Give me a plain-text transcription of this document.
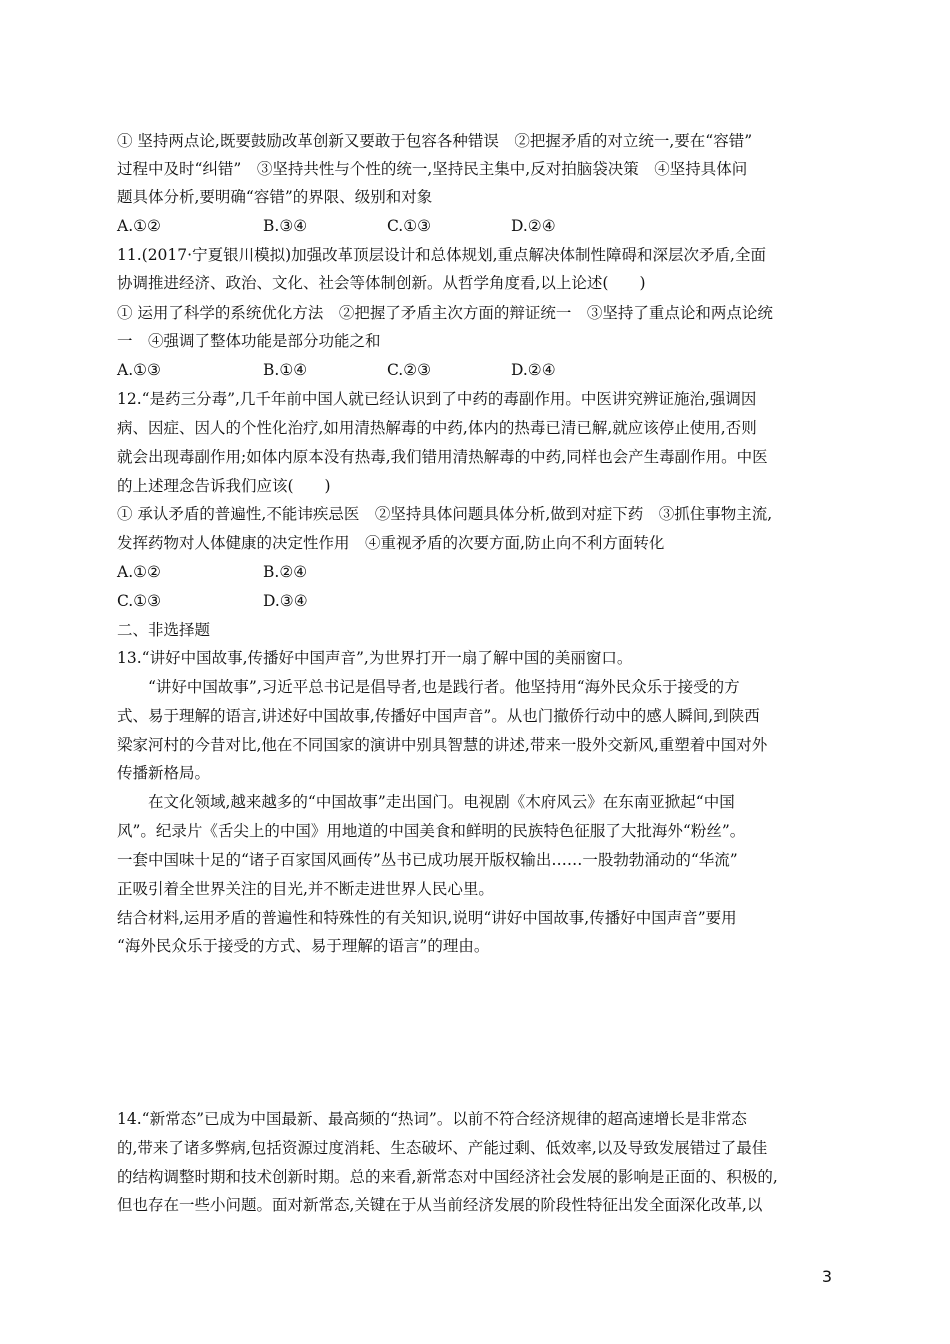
① 坚持两点论,既要鼓励改革创新又要敢于包容各种错误　②把握矛盾的对立统一,要在“容错”
过程中及时“纠错”　③坚持共性与个性的统一,坚持民主集中,反对拍脑袋决策　④坚持具体问
题具体分析,要明确“容错”的界限、级别和对象
A.①②	B.③④	C.①③	D.②④
11.(2017·宁夏银川模拟)加强改革顶层设计和总体规划,重点解决体制性障碍和深层次矛盾,全面
协调推进经济、政治、文化、社会等体制创新。从哲学角度看,以上论述(　　)
① 运用了科学的系统优化方法　②把握了矛盾主次方面的辩证统一　③坚持了重点论和两点论统
一　④强调了整体功能是部分功能之和
A.①③	B.①④	C.②③	D.②④
12.“是药三分毒”,几千年前中国人就已经认识到了中药的毒副作用。中医讲究辨证施治,强调因
病、因症、因人的个性化治疗,如用清热解毒的中药,体内的热毒已清已解,就应该停止使用,否则
就会出现毒副作用;如体内原本没有热毒,我们错用清热解毒的中药,同样也会产生毒副作用。中医
的上述理念告诉我们应该(　　)
① 承认矛盾的普遍性,不能讳疾忌医　②坚持具体问题具体分析,做到对症下药　③抓住事物主流,
发挥药物对人体健康的决定性作用　④重视矛盾的次要方面,防止向不利方面转化
A.①②	B.②④
C.①③	D.③④
二、非选择题
13.“讲好中国故事,传播好中国声音”,为世界打开一扇了解中国的美丽窗口。
　　“讲好中国故事”,习近平总书记是倡导者,也是践行者。他坚持用“海外民众乐于接受的方
式、易于理解的语言,讲述好中国故事,传播好中国声音”。从也门撤侨行动中的感人瞬间,到陕西
梁家河村的今昔对比,他在不同国家的演讲中别具智慧的讲述,带来一股外交新风,重塑着中国对外
传播新格局。
　　在文化领域,越来越多的“中国故事”走出国门。电视剧《木府风云》在东南亚掀起“中国
风”。纪录片《舌尖上的中国》用地道的中国美食和鲜明的民族特色征服了大批海外“粉丝”。
一套中国味十足的“诸子百家国风画传”丛书已成功展开版权输出……一股勃勃涌动的“华流”
正吸引着全世界关注的目光,并不断走进世界人民心里。
结合材料,运用矛盾的普遍性和特殊性的有关知识,说明“讲好中国故事,传播好中国声音”要用
“海外民众乐于接受的方式、易于理解的语言”的理由。
14.“新常态”已成为中国最新、最高频的“热词”。以前不符合经济规律的超高速增长是非常态
的,带来了诸多弊病,包括资源过度消耗、生态破坏、产能过剩、低效率,以及导致发展错过了最佳
的结构调整时期和技术创新时期。总的来看,新常态对中国经济社会发展的影响是正面的、积极的,
但也存在一些小问题。面对新常态,关键在于从当前经济发展的阶段性特征出发全面深化改革,以
3
